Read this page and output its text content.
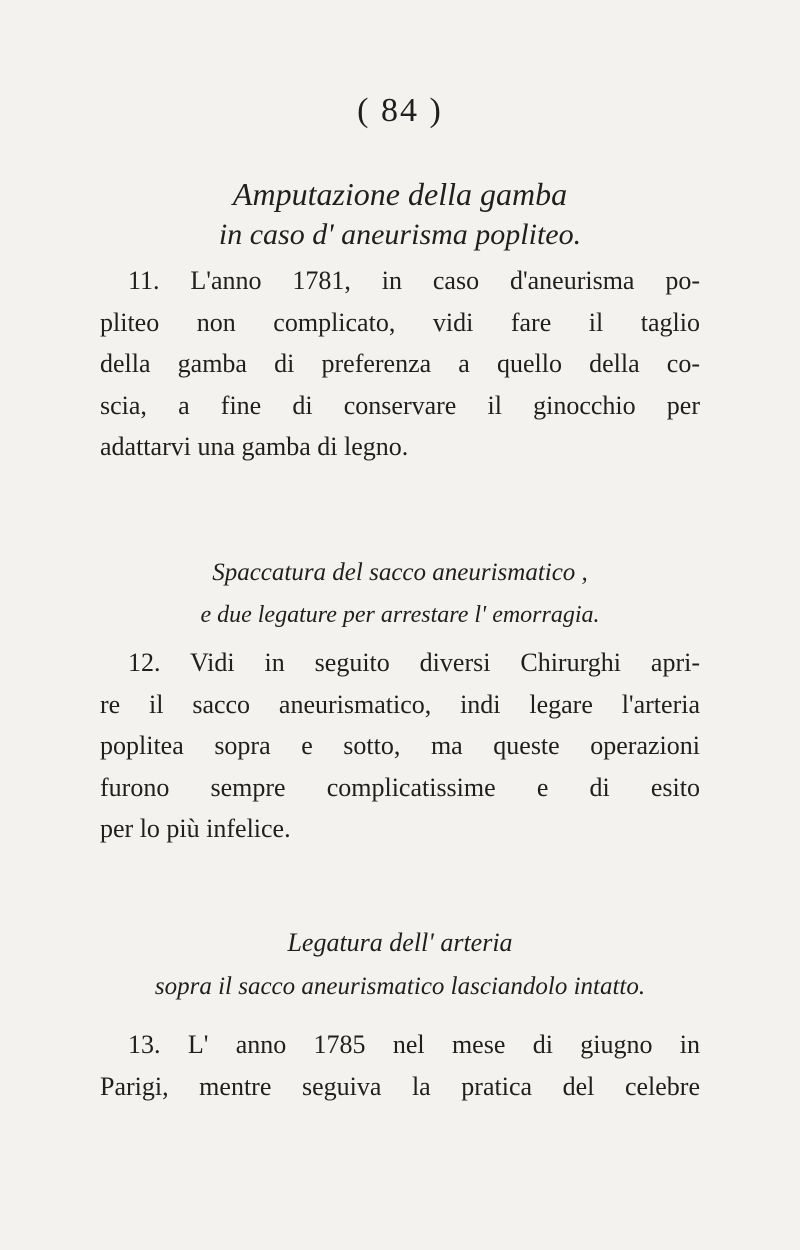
( 84 )
Amputazione della gamba
in caso d' aneurisma popliteo.
11. L'anno 1781, in caso d'aneurisma po-
pliteo non complicato, vidi fare il taglio
della gamba di preferenza a quello della co-
scia, a fine di conservare il ginocchio per
adattarvi una gamba di legno.
Spaccatura del sacco aneurismatico ,
e due legature per arrestare l' emorragia.
12. Vidi in seguito diversi Chirurghi apri-
re il sacco aneurismatico, indi legare l'arteria
poplitea sopra e sotto, ma queste operazioni
furono sempre complicatissime e di esito
per lo più infelice.
Legatura dell' arteria
sopra il sacco aneurismatico lasciandolo intatto.
13. L' anno 1785 nel mese di giugno in
Parigi, mentre seguiva la pratica del celebre
